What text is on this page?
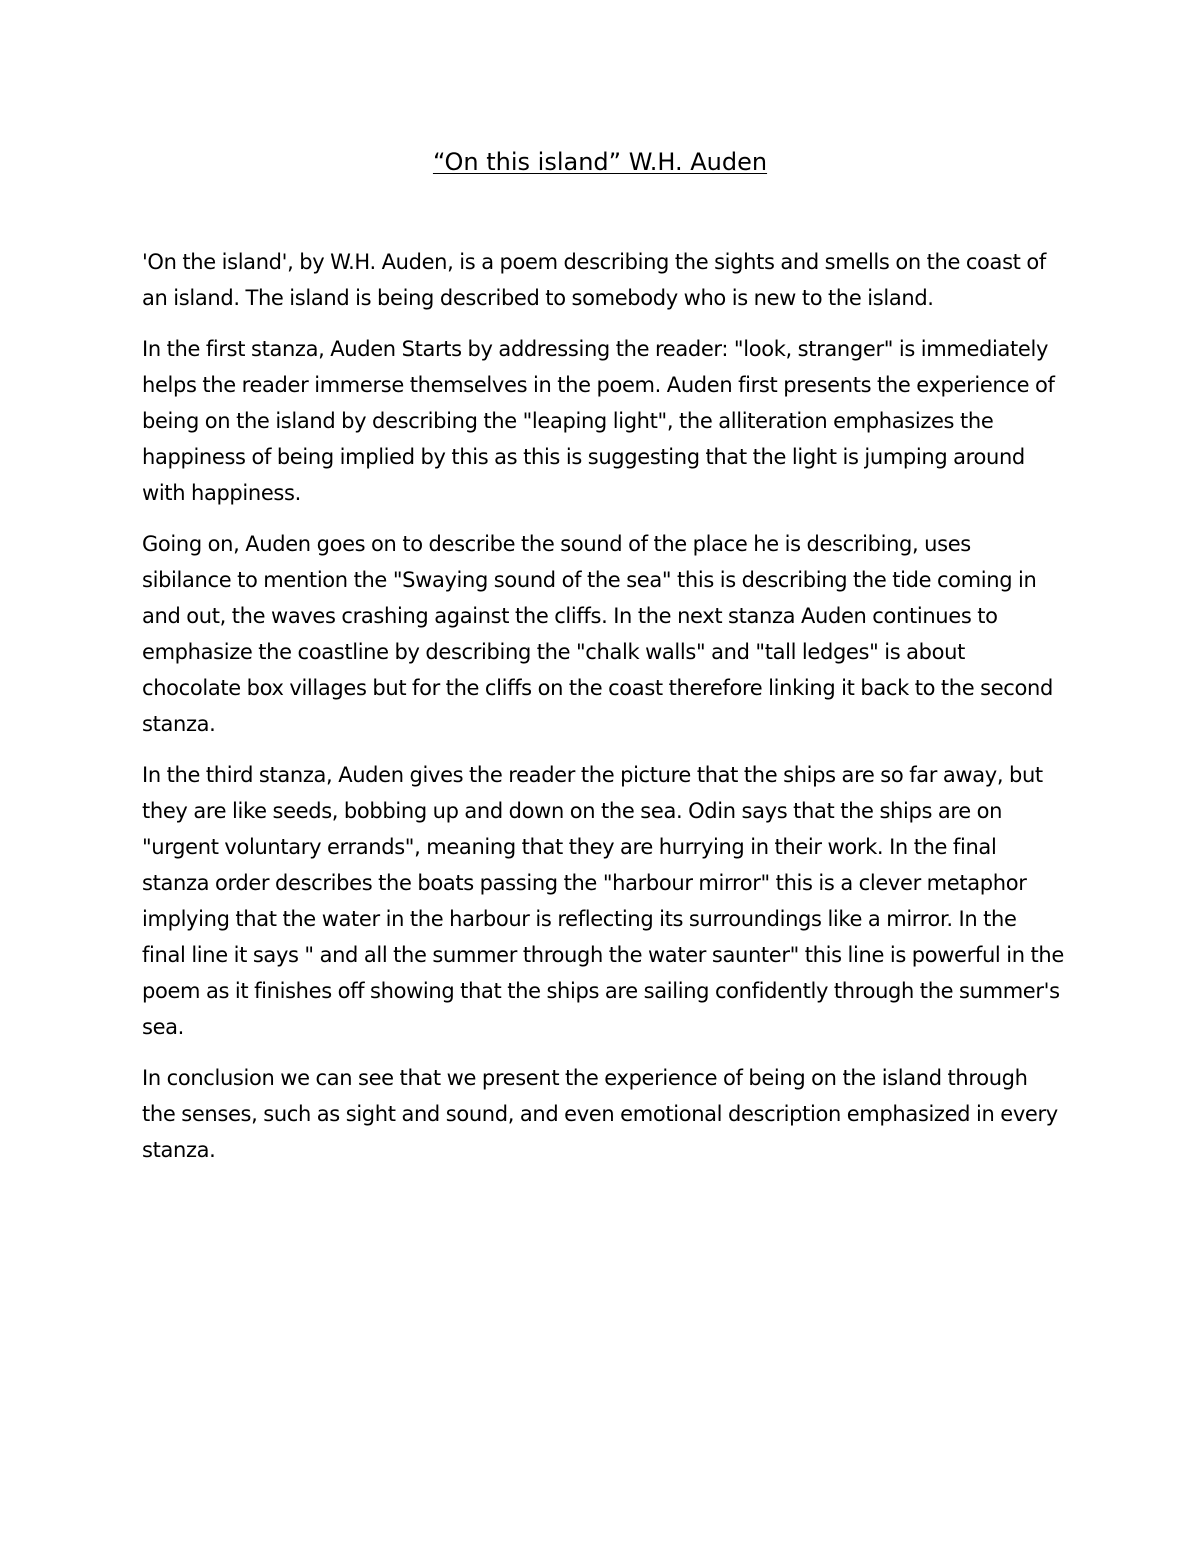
“On this island” W.H. Auden

'On the island', by W.H. Auden, is a poem describing the sights and smells on the coast of an island. The island is being described to somebody who is new to the island.

In the first stanza, Auden Starts by addressing the reader: "look, stranger" is immediately helps the reader immerse themselves in the poem. Auden first presents the experience of being on the island by describing the "leaping light", the alliteration emphasizes the happiness of being implied by this as this is suggesting that the light is jumping around with happiness.

Going on, Auden goes on to describe the sound of the place he is describing, uses sibilance to mention the "Swaying sound of the sea" this is describing the tide coming in and out, the waves crashing against the cliffs. In the next stanza Auden continues to emphasize the coastline by describing the "chalk walls" and "tall ledges" is about chocolate box villages but for the cliffs on the coast therefore linking it back to the second stanza.

In the third stanza, Auden gives the reader the picture that the ships are so far away, but they are like seeds, bobbing up and down on the sea. Odin says that the ships are on "urgent voluntary errands", meaning that they are hurrying in their work. In the final stanza order describes the boats passing the "harbour mirror" this is a clever metaphor implying that the water in the harbour is reflecting its surroundings like a mirror. In the final line it says " and all the summer through the water saunter" this line is powerful in the poem as it finishes off showing that the ships are sailing confidently through the summer's sea.

In conclusion we can see that we present the experience of being on the island through the senses, such as sight and sound, and even emotional description emphasized in every stanza.
